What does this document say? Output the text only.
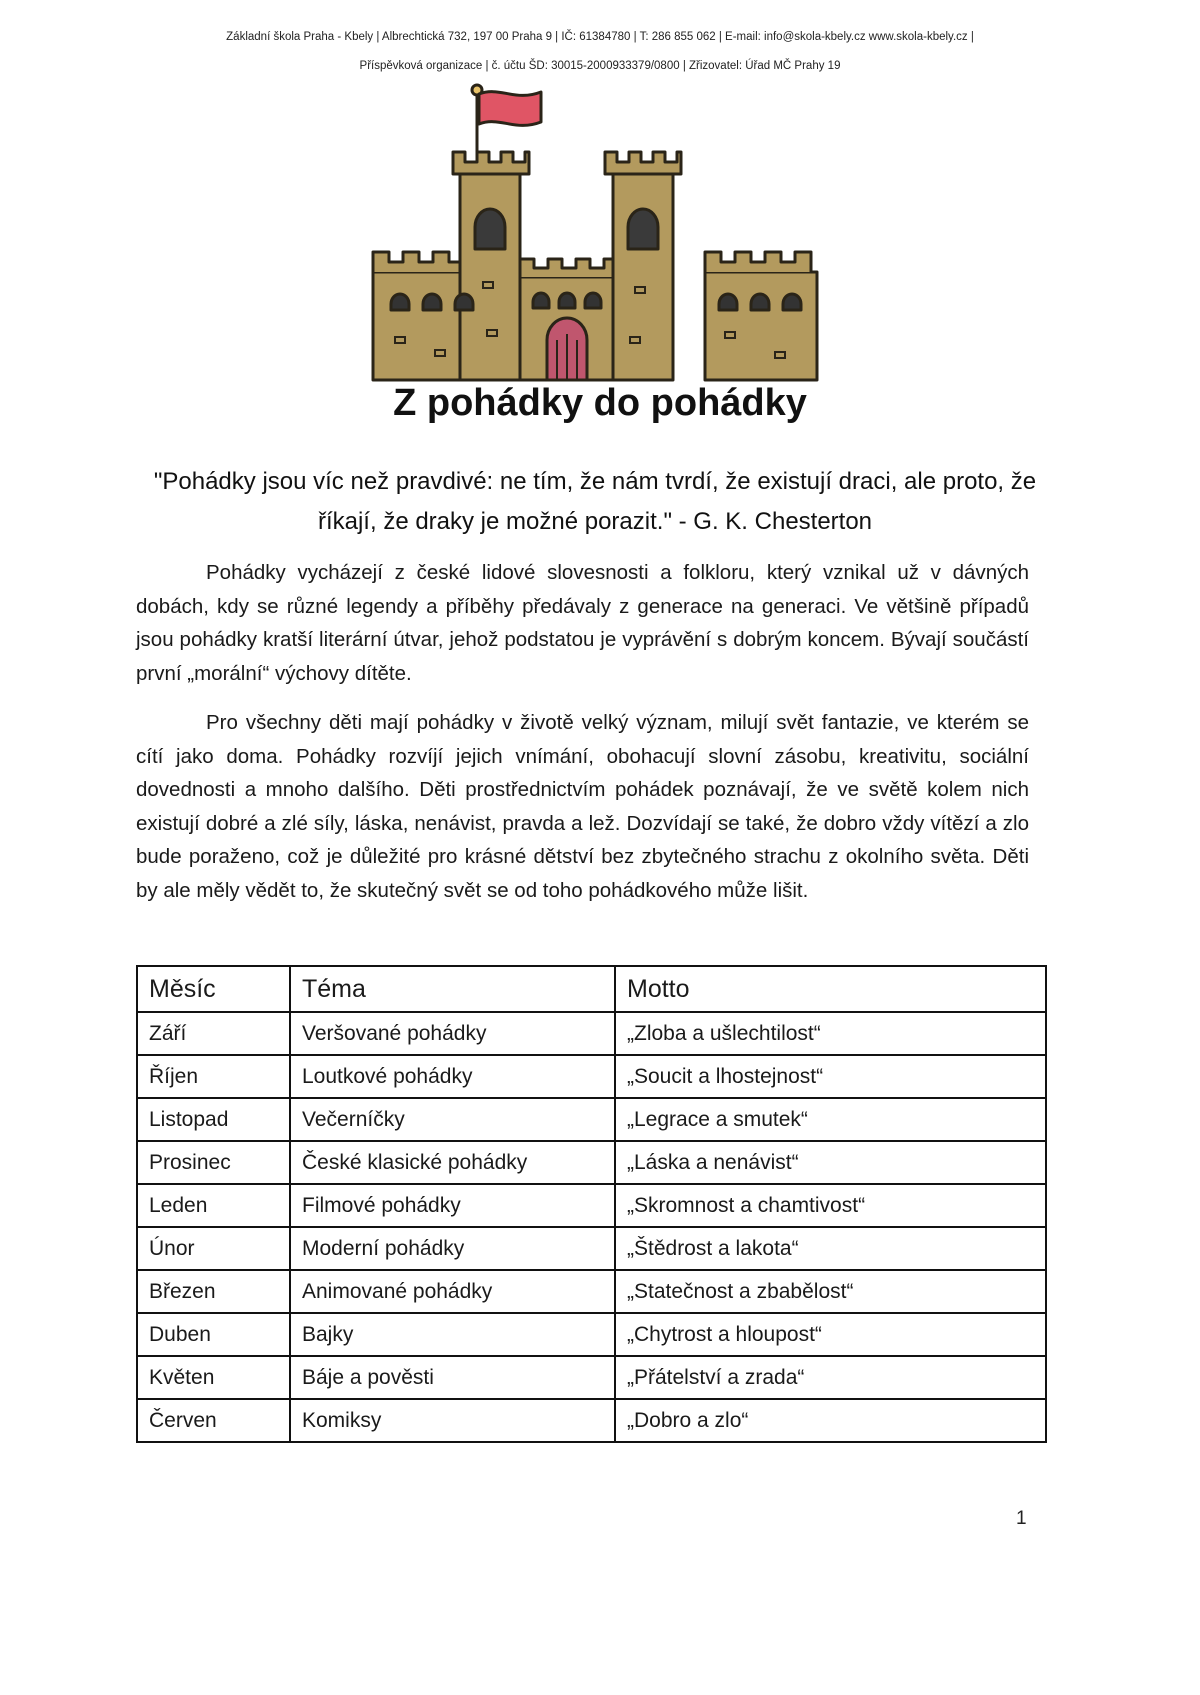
Základní škola Praha - Kbely | Albrechtická 732, 197 00 Praha 9 | IČ: 61384780 | T: 286 855 062 | E-mail: info@skola-kbely.cz www.skola-kbely.cz |
Příspěvková organizace | č. účtu ŠD: 30015-2000933379/0800 | Zřizovatel: Úřad MČ Prahy 19
Z pohádky do pohádky
"Pohádky jsou víc než pravdivé: ne tím, že nám tvrdí, že existují draci, ale proto, že říkají, že draky je možné porazit." - G. K. Chesterton

Pohádky vycházejí z české lidové slovesnosti a folkloru, který vznikal už v dávných dobách, kdy se různé legendy a příběhy předávaly z generace na generaci. Ve většině případů jsou pohádky kratší literární útvar, jehož podstatou je vyprávění s dobrým koncem. Bývají součástí první „morální“ výchovy dítěte.

Pro všechny děti mají pohádky v životě velký význam, milují svět fantazie, ve kterém se cítí jako doma. Pohádky rozvíjí jejich vnímání, obohacují slovní zásobu, kreativitu, sociální dovednosti a mnoho dalšího. Děti prostřednictvím pohádek poznávají, že ve světě kolem nich existují dobré a zlé síly, láska, nenávist, pravda a lež. Dozvídají se také, že dobro vždy vítězí a zlo bude poraženo, což je důležité pro krásné dětství bez zbytečného strachu z okolního světa. Děti by ale měly vědět to, že skutečný svět se od toho pohádkového může lišit.

Měsíc	Téma	Motto
Září	Veršované pohádky	„Zloba a ušlechtilost“
Říjen	Loutkové pohádky	„Soucit a lhostejnost“
Listopad	Večerníčky	„Legrace a smutek“
Prosinec	České klasické pohádky	„Láska a nenávist“
Leden	Filmové pohádky	„Skromnost a chamtivost“
Únor	Moderní pohádky	„Štědrost a lakota“
Březen	Animované pohádky	„Statečnost a zbabělost“
Duben	Bajky	„Chytrost a hloupost“
Květen	Báje a pověsti	„Přátelství a zrada“
Červen	Komiksy	„Dobro a zlo“
1
